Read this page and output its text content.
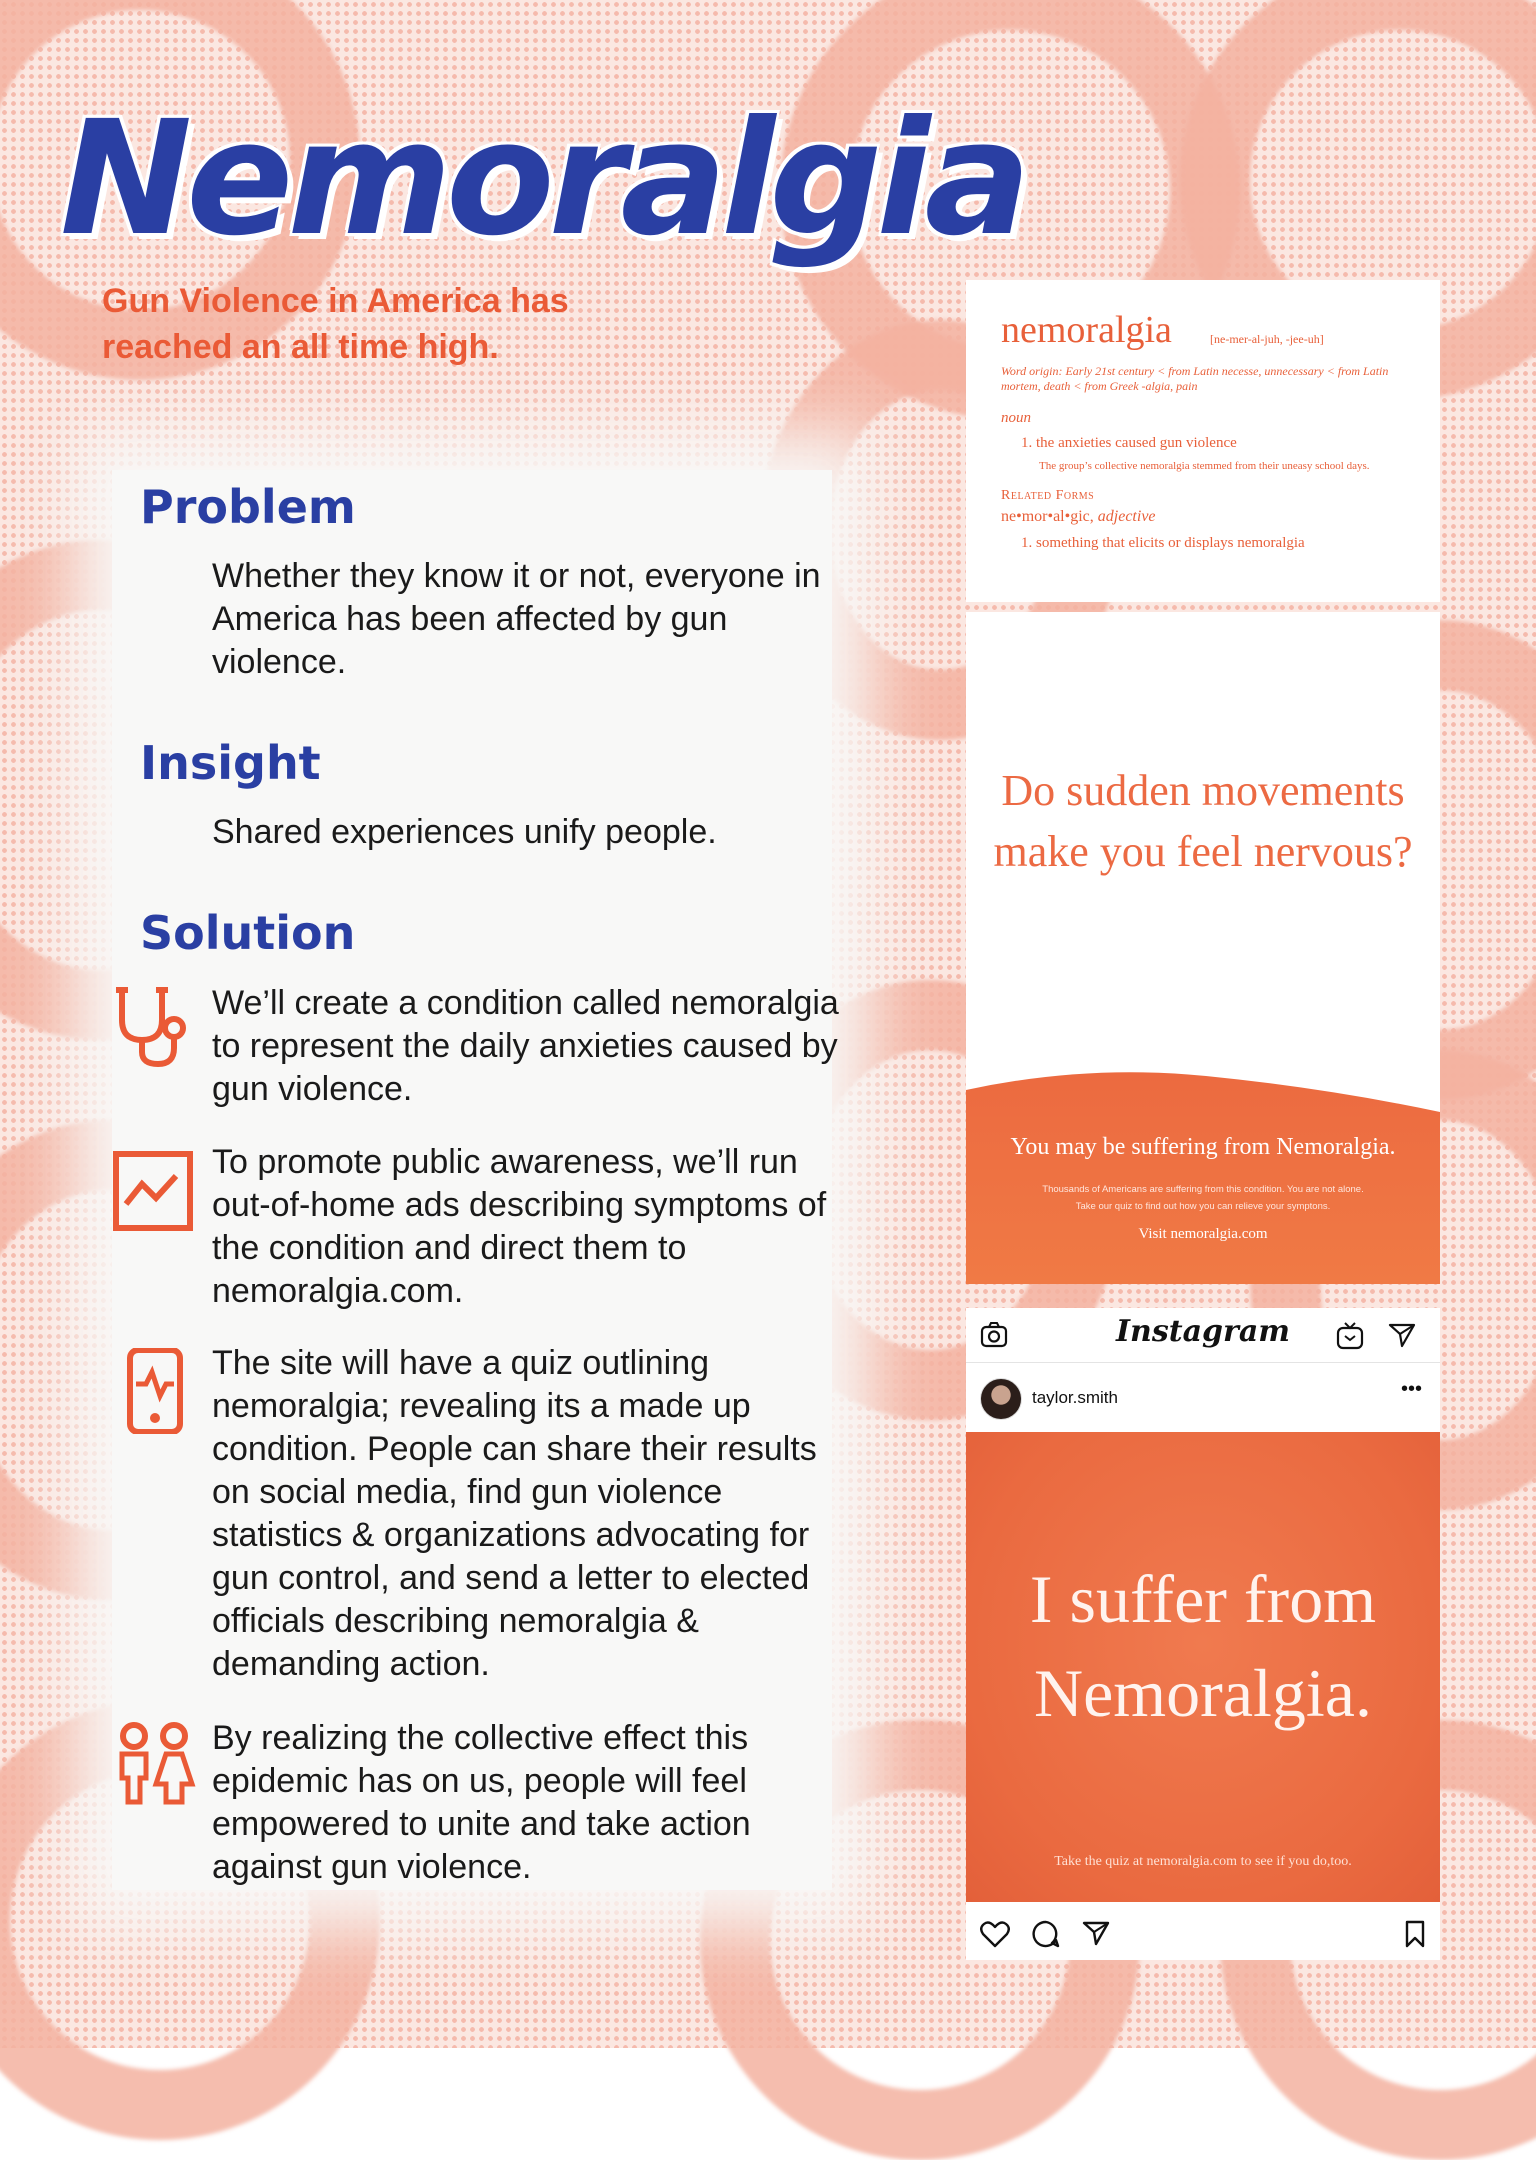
Nemoralgia

Gun Violence in America has reached an all time high.

Problem

Whether they know it or not, everyone in America has been affected by gun violence.

Insight

Shared experiences unify people.

Solution

We’ll create a condition called nemoralgia to represent the daily anxieties caused by gun violence.

To promote public awareness, we’ll run out-of-home ads describing symptoms of the condition and direct them to nemoralgia.com.

The site will have a quiz outlining nemoralgia; revealing its a made up condition. People can share their results on social media, find gun violence statistics & organizations advocating for gun control, and send a letter to elected officials describing nemoralgia & demanding action.

By realizing the collective effect this epidemic has on us, people will feel empowered to unite and take action against gun violence.

nemoralgia	[ne-mer-al-juh, -jee-uh]
Word origin: Early 21st century < from Latin necesse, unnecessary < from Latin mortem, death < from Greek -algia, pain
noun
1. the anxieties caused gun violence
The group’s collective nemoralgia stemmed from their uneasy school days.
Related Forms
ne•mor•al•gic, adjective
1. something that elicits or displays nemoralgia

Do sudden movements make you feel nervous?

You may be suffering from Nemoralgia.

Thousands of Americans are suffering from this condition. You are not alone.

Take our quiz to find out how you can relieve your symptons.

Visit nemoralgia.com

Instagram

taylor.smith	•••

I suffer from Nemoralgia.

Take the quiz at nemoralgia.com to see if you do,too.
